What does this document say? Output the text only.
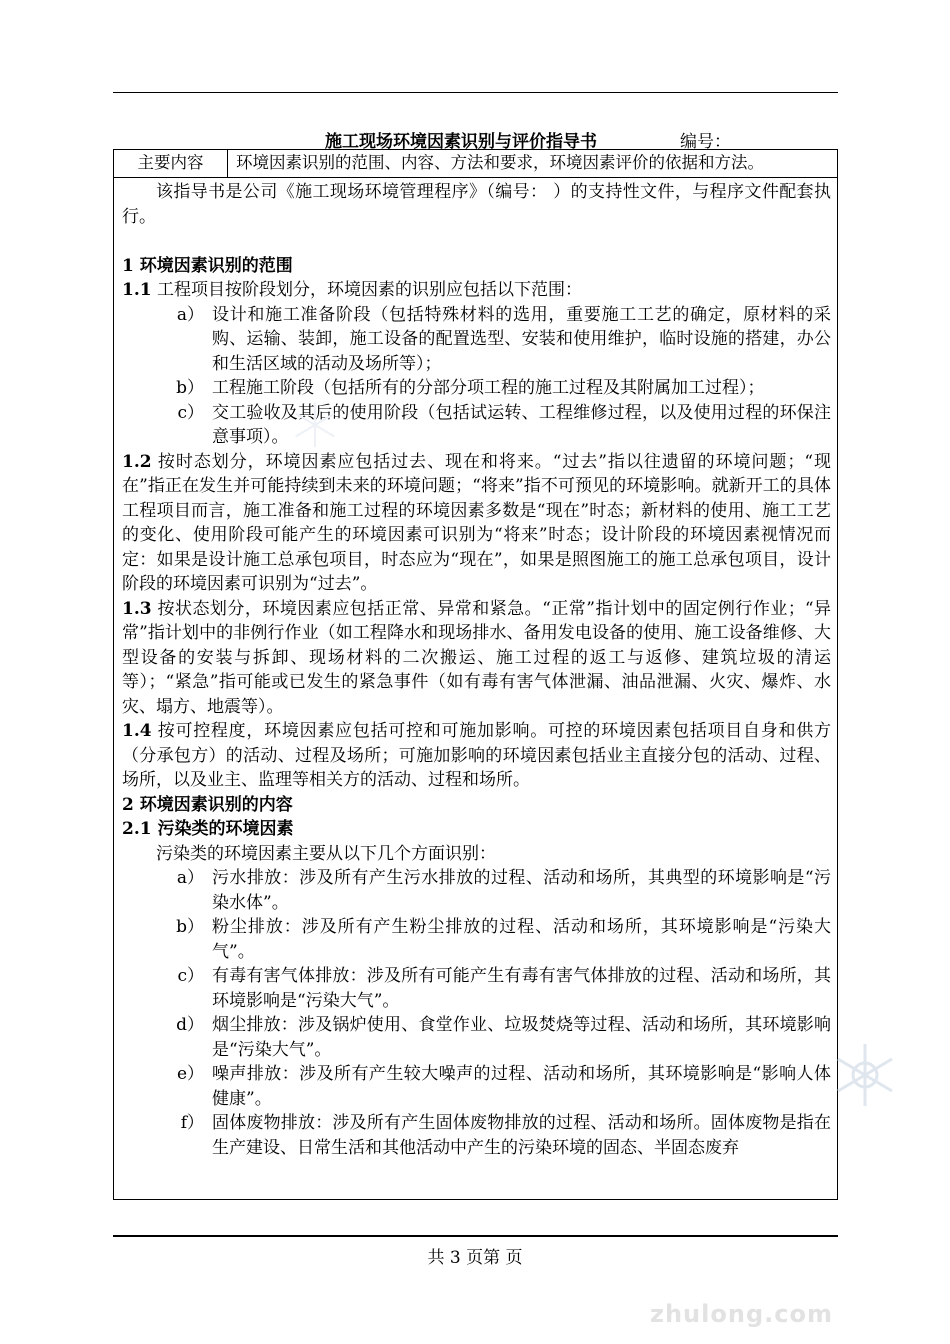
施工现场环境因素识别与评价指导书	编号：
主要内容	环境因素识别的范围、内容、方法和要求，环境因素评价的依据和方法。

该指导书是公司《施工现场环境管理程序》（编号： ）的支持性文件，与程序文件配套执行。

1 环境因素识别的范围

1.1 工程项目按阶段划分，环境因素的识别应包括以下范围：

a） 设计和施工准备阶段（包括特殊材料的选用，重要施工工艺的确定，原材料的采购、运输、装卸，施工设备的配置选型、安装和使用维护，临时设施的搭建，办公和生活区域的活动及场所等）；
b） 工程施工阶段（包括所有的分部分项工程的施工过程及其附属加工过程）；
c） 交工验收及其后的使用阶段（包括试运转、工程维修过程，以及使用过程的环保注意事项）。

1.2 按时态划分，环境因素应包括过去、现在和将来。“过去”指以往遗留的环境问题；“现在”指正在发生并可能持续到未来的环境问题；“将来”指不可预见的环境影响。就新开工的具体工程项目而言，施工准备和施工过程的环境因素多数是“现在”时态；新材料的使用、施工工艺的变化、使用阶段可能产生的环境因素可识别为“将来”时态；设计阶段的环境因素视情况而定：如果是设计施工总承包项目，时态应为“现在”，如果是照图施工的施工总承包项目，设计阶段的环境因素可识别为“过去”。

1.3 按状态划分，环境因素应包括正常、异常和紧急。“正常”指计划中的固定例行作业；“异常”指计划中的非例行作业（如工程降水和现场排水、备用发电设备的使用、施工设备维修、大型设备的安装与拆卸、现场材料的二次搬运、施工过程的返工与返修、建筑垃圾的清运等）；“紧急”指可能或已发生的紧急事件（如有毒有害气体泄漏、油品泄漏、火灾、爆炸、水灾、塌方、地震等）。

1.4 按可控程度，环境因素应包括可控和可施加影响。可控的环境因素包括项目自身和供方（分承包方）的活动、过程及场所；可施加影响的环境因素包括业主直接分包的活动、过程、场所，以及业主、监理等相关方的活动、过程和场所。

2 环境因素识别的内容

2.1 污染类的环境因素

污染类的环境因素主要从以下几个方面识别：

a） 污水排放：涉及所有产生污水排放的过程、活动和场所，其典型的环境影响是“污染水体”。
b） 粉尘排放：涉及所有产生粉尘排放的过程、活动和场所，其环境影响是“污染大气”。
c） 有毒有害气体排放：涉及所有可能产生有毒有害气体排放的过程、活动和场所，其环境影响是“污染大气”。
d） 烟尘排放：涉及锅炉使用、食堂作业、垃圾焚烧等过程、活动和场所，其环境影响是“污染大气”。
e） 噪声排放：涉及所有产生较大噪声的过程、活动和场所，其环境影响是“影响人体健康”。
f） 固体废物排放：涉及所有产生固体废物排放的过程、活动和场所。固体废物是指在生产建设、日常生活和其他活动中产生的污染环境的固态、半固态废弃
共 3 页第 页
zhulong.com
